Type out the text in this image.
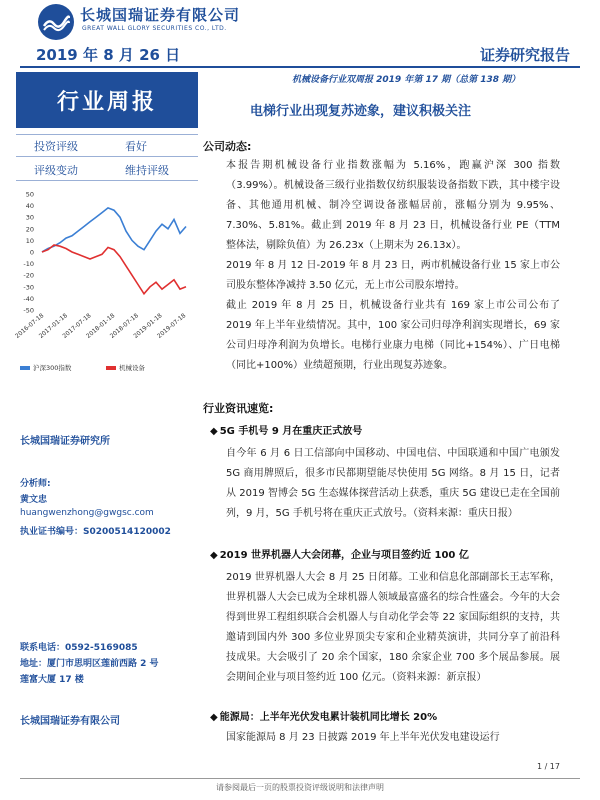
长城国瑞证券有限公司
GREAT WALL GLORY SECURITIES CO., LTD.
2019 年 8 月 26 日	证券研究报告
行业周报
机械设备行业双周报 2019 年第 17 期（总第 138 期）
电梯行业出现复苏迹象，建议积极关注
投资评级	看好
评级变动	维持评级
50
40
30
20
10
0
-10
-20
-30
-40
-50
2016-07-18
2017-01-18
2017-07-18
2018-01-18
2018-07-18
2019-01-18
2019-07-18
沪深300指数	机械设备
长城国瑞证券研究所
分析师:
黄文忠
huangwenzhong@gwgsc.com
执业证书编号：S0200514120002
联系电话：0592-5169085
地址：厦门市思明区莲前西路 2 号
莲富大厦 17 楼
长城国瑞证券有限公司
公司动态:
本报告期机械设备行业指数涨幅为 5.16%，跑赢沪深 300 指数（3.99%）。机械设备三级行业指数仅纺织服装设备指数下跌，其中楼宇设备、其他通用机械、制冷空调设备涨幅居前，涨幅分别为 9.95%、7.30%、5.81%。截止到 2019 年 8 月 23 日，机械设备行业 PE（TTM 整体法，剔除负值）为 26.23x（上期末为 26.13x）。
2019 年 8 月 12 日-2019 年 8 月 23 日，两市机械设备行业 15 家上市公司股东整体净减持 3.50 亿元，无上市公司股东增持。
截止 2019 年 8 月 25 日，机械设备行业共有 169 家上市公司公布了 2019 年上半年业绩情况。其中，100 家公司归母净利润实现增长，69 家公司归母净利润为负增长。电梯行业康力电梯（同比+154%）、广日电梯（同比+100%）业绩超预期，行业出现复苏迹象。
行业资讯速览:
◆ 5G 手机号 9 月在重庆正式放号
自今年 6 月 6 日工信部向中国移动、中国电信、中国联通和中国广电颁发 5G 商用牌照后，很多市民都期望能尽快使用 5G 网络。8 月 15 日，记者从 2019 智博会 5G 生态媒体探营活动上获悉，重庆 5G 建设已走在全国前列，9 月，5G 手机号将在重庆正式放号。（资料来源：重庆日报）
◆ 2019 世界机器人大会闭幕，企业与项目签约近 100 亿
2019 世界机器人大会 8 月 25 日闭幕。工业和信息化部副部长王志军称，世界机器人大会已成为全球机器人领域最富盛名的综合性盛会。今年的大会得到世界工程组织联合会机器人与自动化学会等 22 家国际组织的支持，共邀请到国内外 300 多位业界顶尖专家和企业精英演讲，共同分享了前沿科技成果。大会吸引了 20 余个国家，180 余家企业 700 多个展品参展。展会期间企业与项目签约近 100 亿元。（资料来源：新京报）
◆ 能源局：上半年光伏发电累计装机同比增长 20%
国家能源局 8 月 23 日披露 2019 年上半年光伏发电建设运行
1 / 17
请参阅最后一页的股票投资评级说明和法律声明
